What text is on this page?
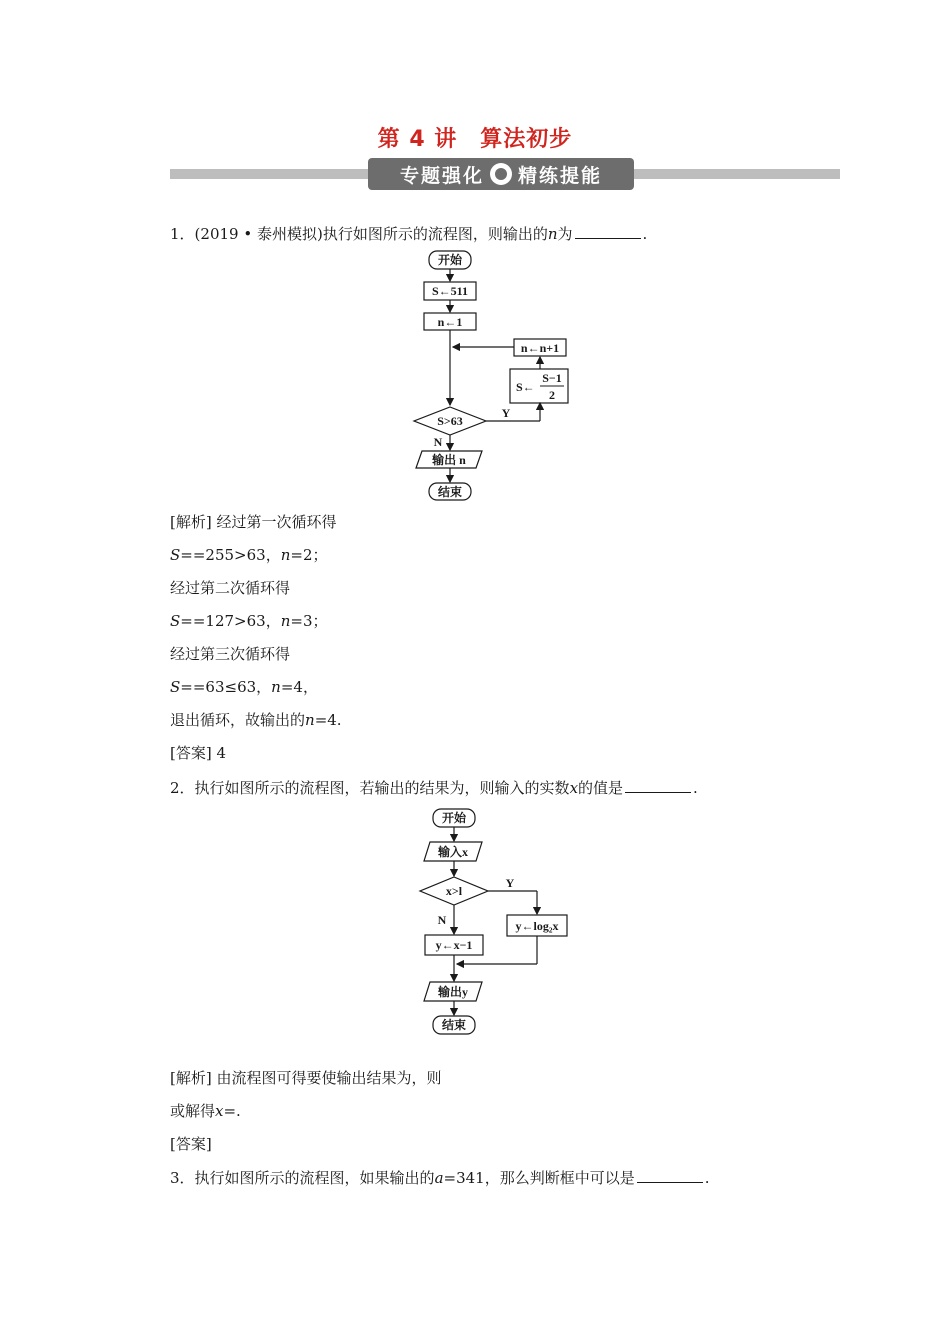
第 4 讲　算法初步
专题强化 精练提能
1．(2019 • 泰州模拟)执行如图所示的流程图，则输出的n为	.
开始
S←511
n←1
S>63
Y
N
S←
S−1
2
n←n+1
输出 n
结束
[解析] 经过第一次循环得
S==255>63，n=2；
经过第二次循环得
S==127>63，n=3；
经过第三次循环得
S==63≤63，n=4，
退出循环，故输出的n=4.
[答案] 4
2．执行如图所示的流程图，若输出的结果为，则输入的实数x的值是	.
开始
输入x
x>l
Y
N	y←log₂x
y←x−1
输出y
结束
[解析] 由流程图可得要使输出结果为，则
或解得x=.
[答案]
3．执行如图所示的流程图，如果输出的a=341，那么判断框中可以是	.
